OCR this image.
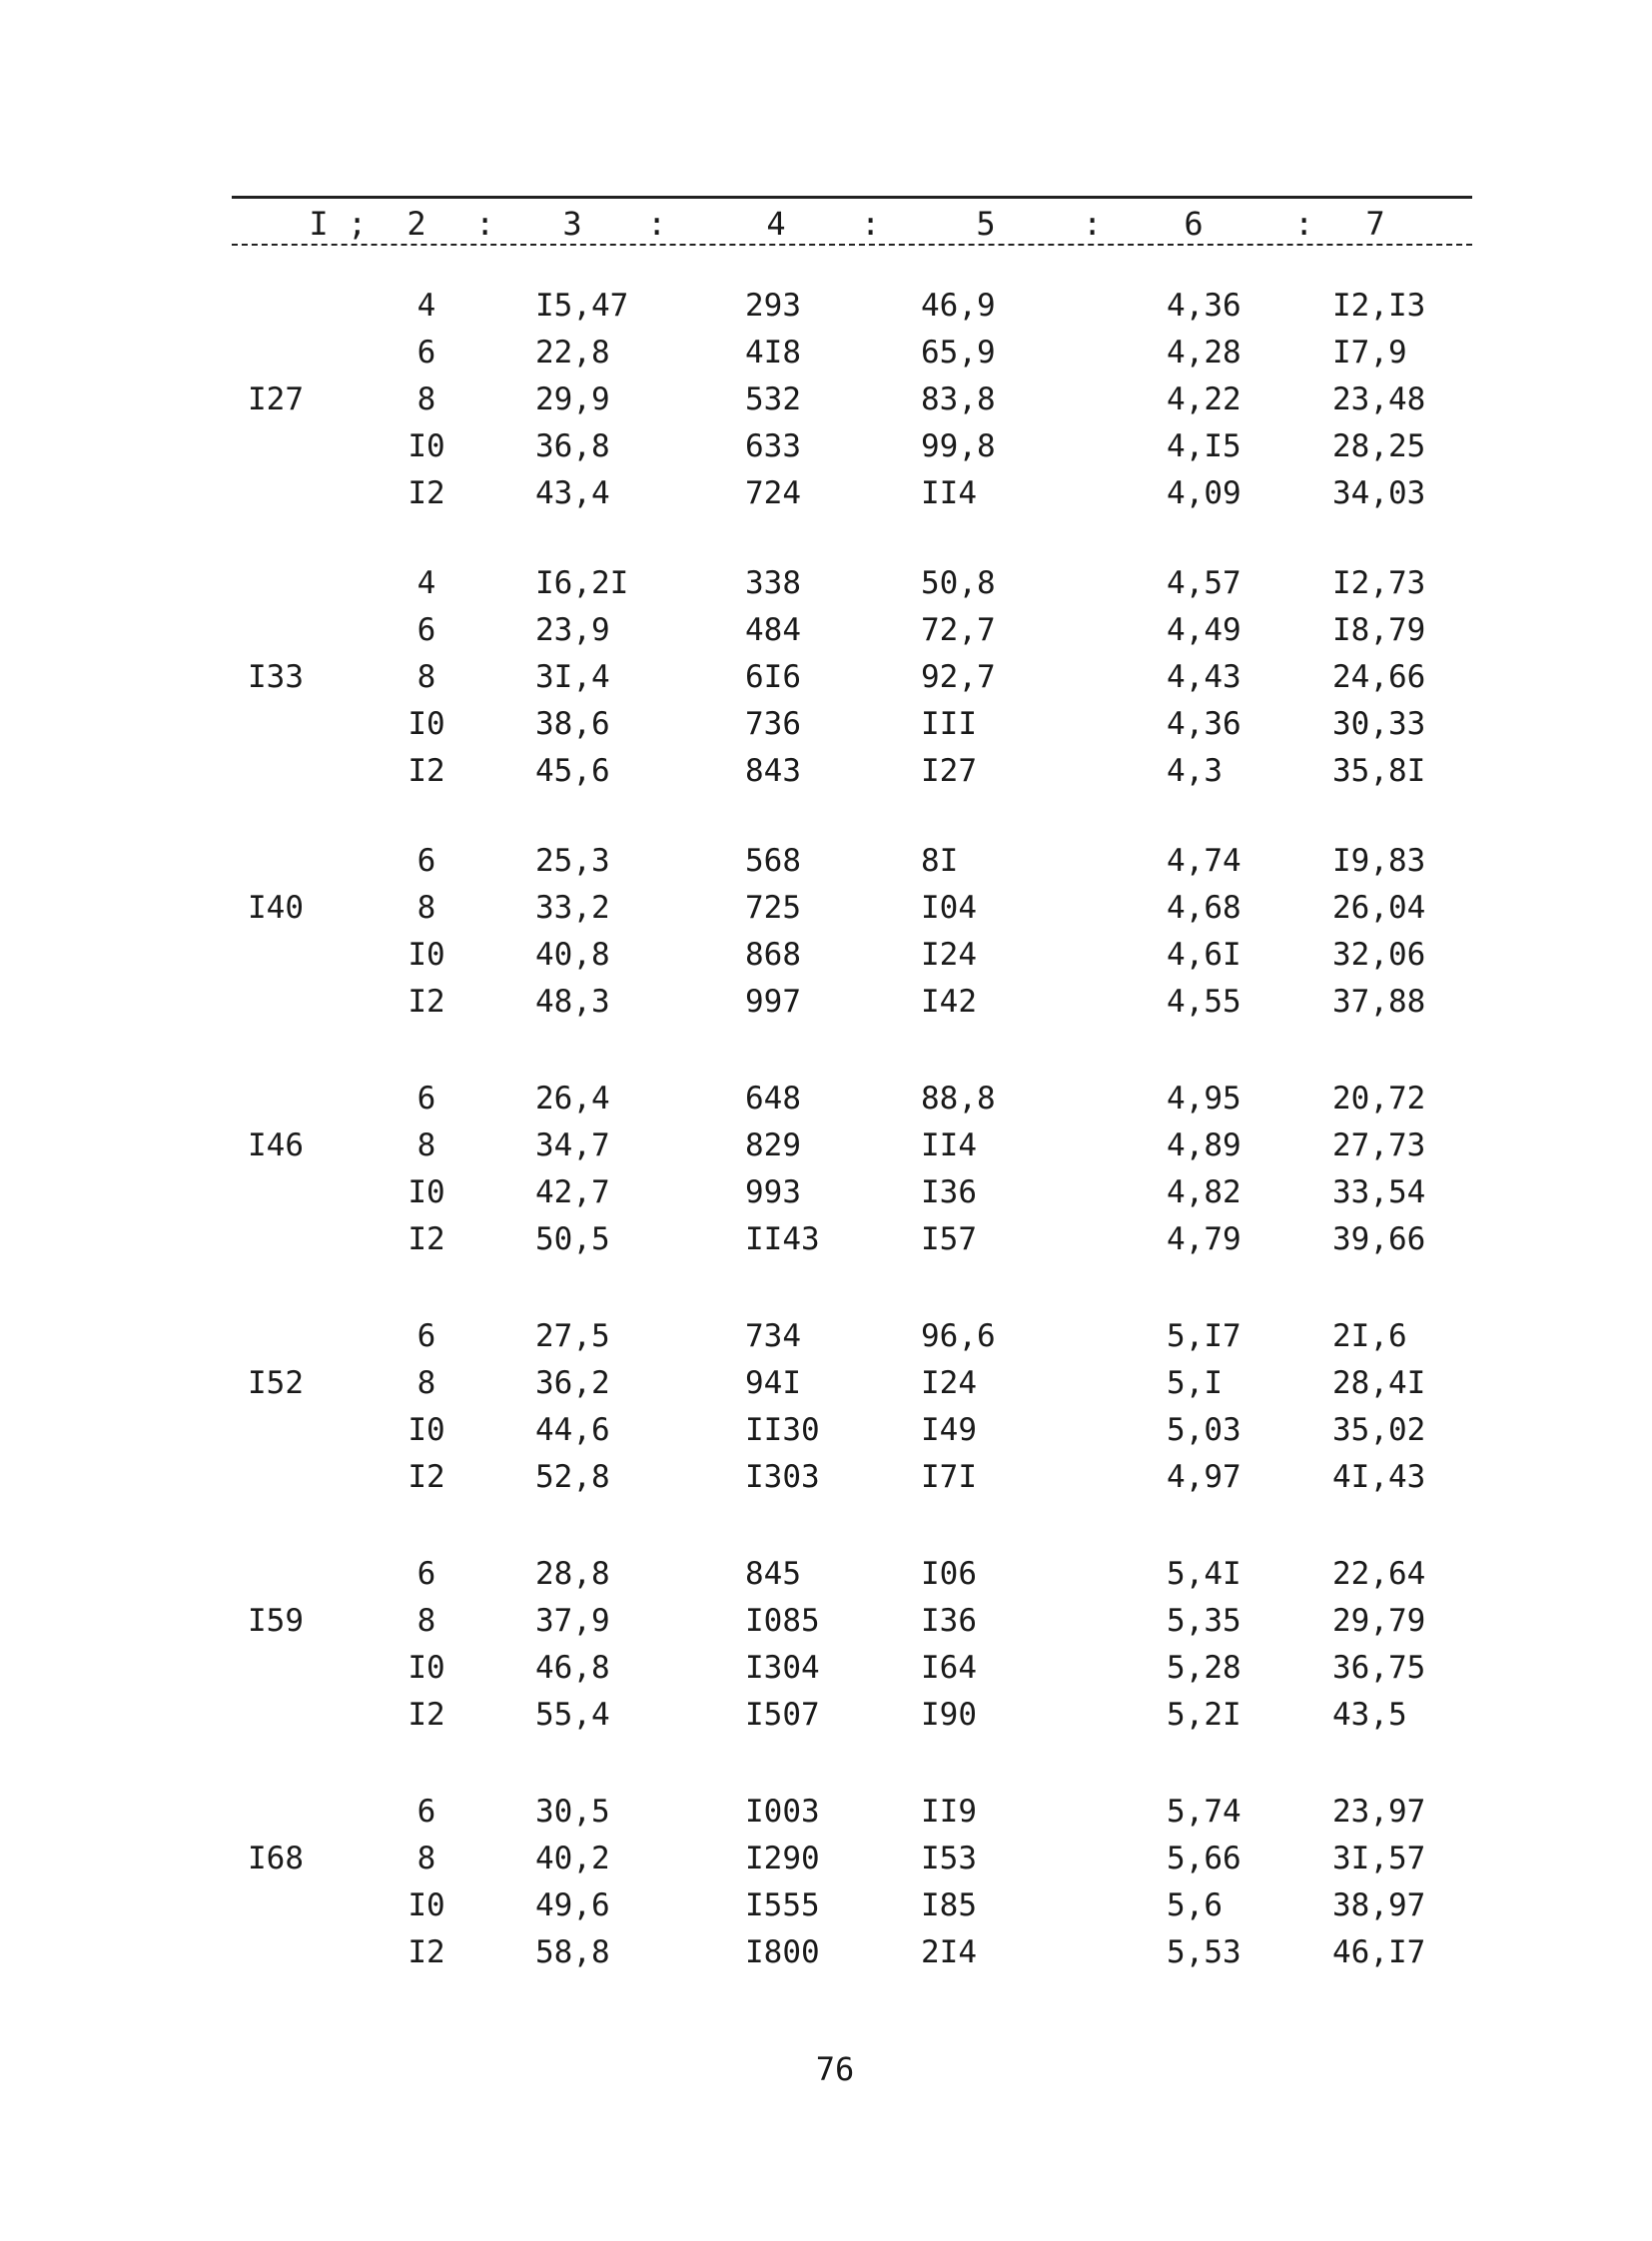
I ; 2 : 3 :	4 :	5	:	6	: 7
I27
4	I5,47	293	46,9	4,36	I2,I3
6	22,8	4I8	65,9	4,28	I7,9
8	29,9	532	83,8	4,22	23,48
I0	36,8	633	99,8	4,I5	28,25
I2	43,4	724	II4	4,09	34,03
I33
4	I6,2I	338	50,8	4,57	I2,73
6	23,9	484	72,7	4,49	I8,79
8	3I,4	6I6	92,7	4,43	24,66
I0	38,6	736	III	4,36	30,33
I2	45,6	843	I27	4,3	35,8I
I40
6	25,3	568	8I	4,74	I9,83
8	33,2	725	I04	4,68	26,04
I0	40,8	868	I24	4,6I	32,06
I2	48,3	997	I42	4,55	37,88
I46
6	26,4	648	88,8	4,95	20,72
8	34,7	829	II4	4,89	27,73
I0	42,7	993	I36	4,82	33,54
I2	50,5	II43	I57	4,79	39,66
I52
6	27,5	734	96,6	5,I7	2I,6
8	36,2	94I	I24	5,I	28,4I
I0	44,6	II30	I49	5,03	35,02
I2	52,8	I303	I7I	4,97	4I,43
I59
6	28,8	845	I06	5,4I	22,64
8	37,9	I085	I36	5,35	29,79
I0	46,8	I304	I64	5,28	36,75
I2	55,4	I507	I90	5,2I	43,5
I68
6	30,5	I003	II9	5,74	23,97
8	40,2	I290	I53	5,66	3I,57
I0	49,6	I555	I85	5,6	38,97
I2	58,8	I800	2I4	5,53	46,I7
76
